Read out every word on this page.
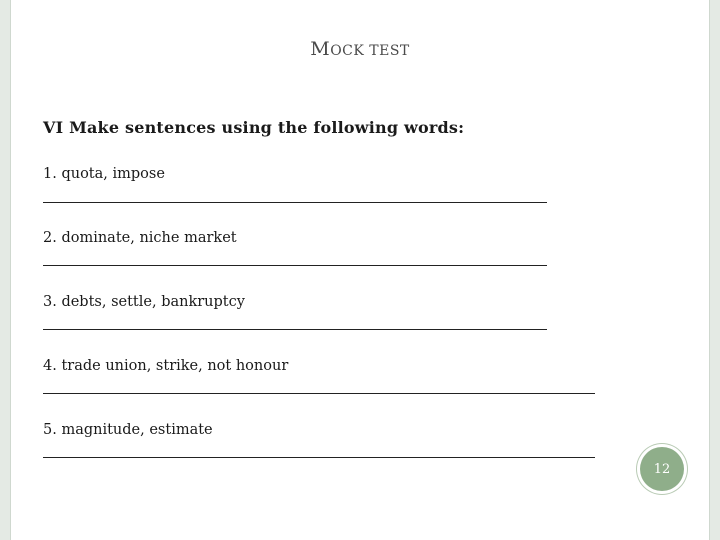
MOCK TEST
VI Make sentences using the following words:
1. quota, impose
2. dominate, niche market
3. debts, settle, bankruptcy
4. trade union, strike, not honour
5. magnitude, estimate
12
